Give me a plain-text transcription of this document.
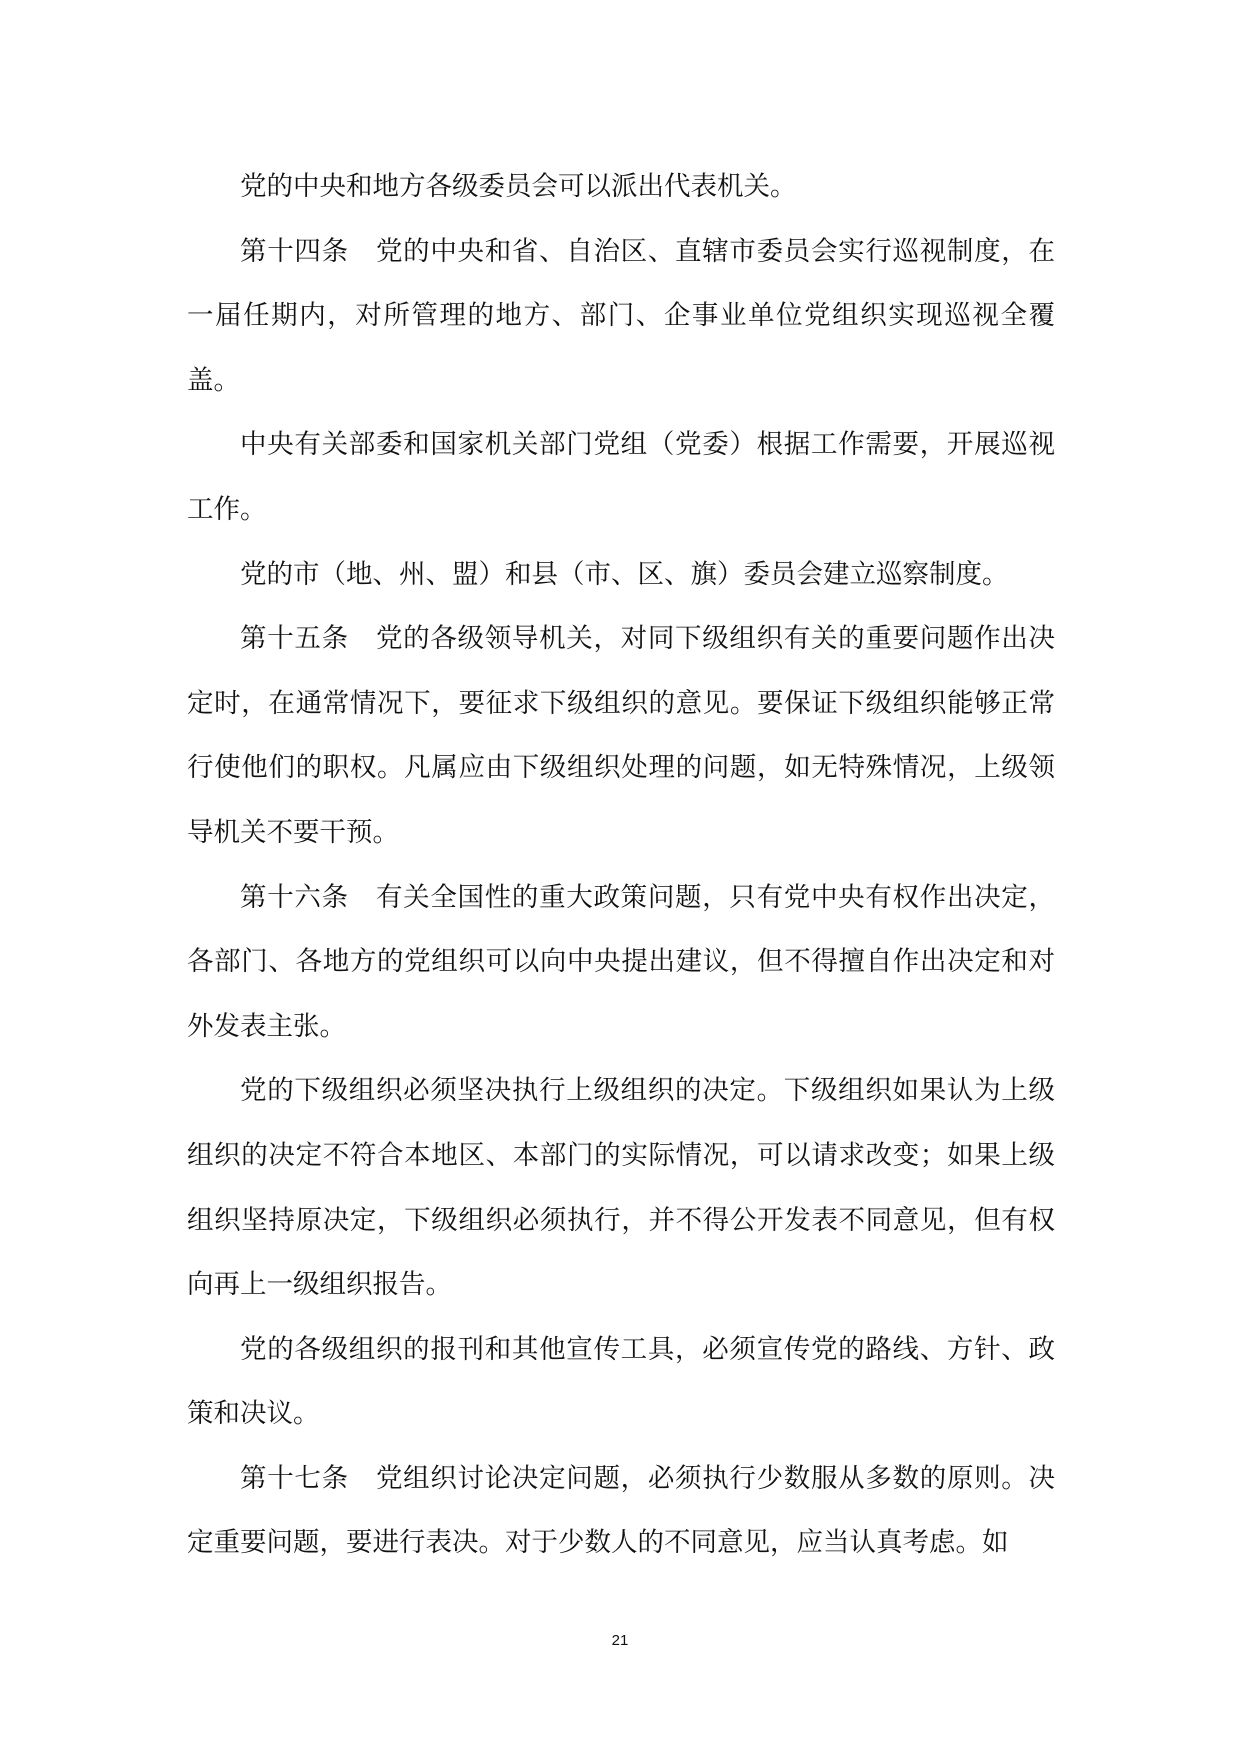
党的中央和地方各级委员会可以派出代表机关。

第十四条　党的中央和省、自治区、直辖市委员会实行巡视制度，在一届任期内，对所管理的地方、部门、企事业单位党组织实现巡视全覆盖。

中央有关部委和国家机关部门党组（党委）根据工作需要，开展巡视工作。

党的市（地、州、盟）和县（市、区、旗）委员会建立巡察制度。

第十五条　党的各级领导机关，对同下级组织有关的重要问题作出决定时，在通常情况下，要征求下级组织的意见。要保证下级组织能够正常行使他们的职权。凡属应由下级组织处理的问题，如无特殊情况，上级领导机关不要干预。

第十六条　有关全国性的重大政策问题，只有党中央有权作出决定，各部门、各地方的党组织可以向中央提出建议，但不得擅自作出决定和对外发表主张。

党的下级组织必须坚决执行上级组织的决定。下级组织如果认为上级组织的决定不符合本地区、本部门的实际情况，可以请求改变；如果上级组织坚持原决定，下级组织必须执行，并不得公开发表不同意见，但有权向再上一级组织报告。

党的各级组织的报刊和其他宣传工具，必须宣传党的路线、方针、政策和决议。

第十七条　党组织讨论决定问题，必须执行少数服从多数的原则。决定重要问题，要进行表决。对于少数人的不同意见，应当认真考虑。如

21
